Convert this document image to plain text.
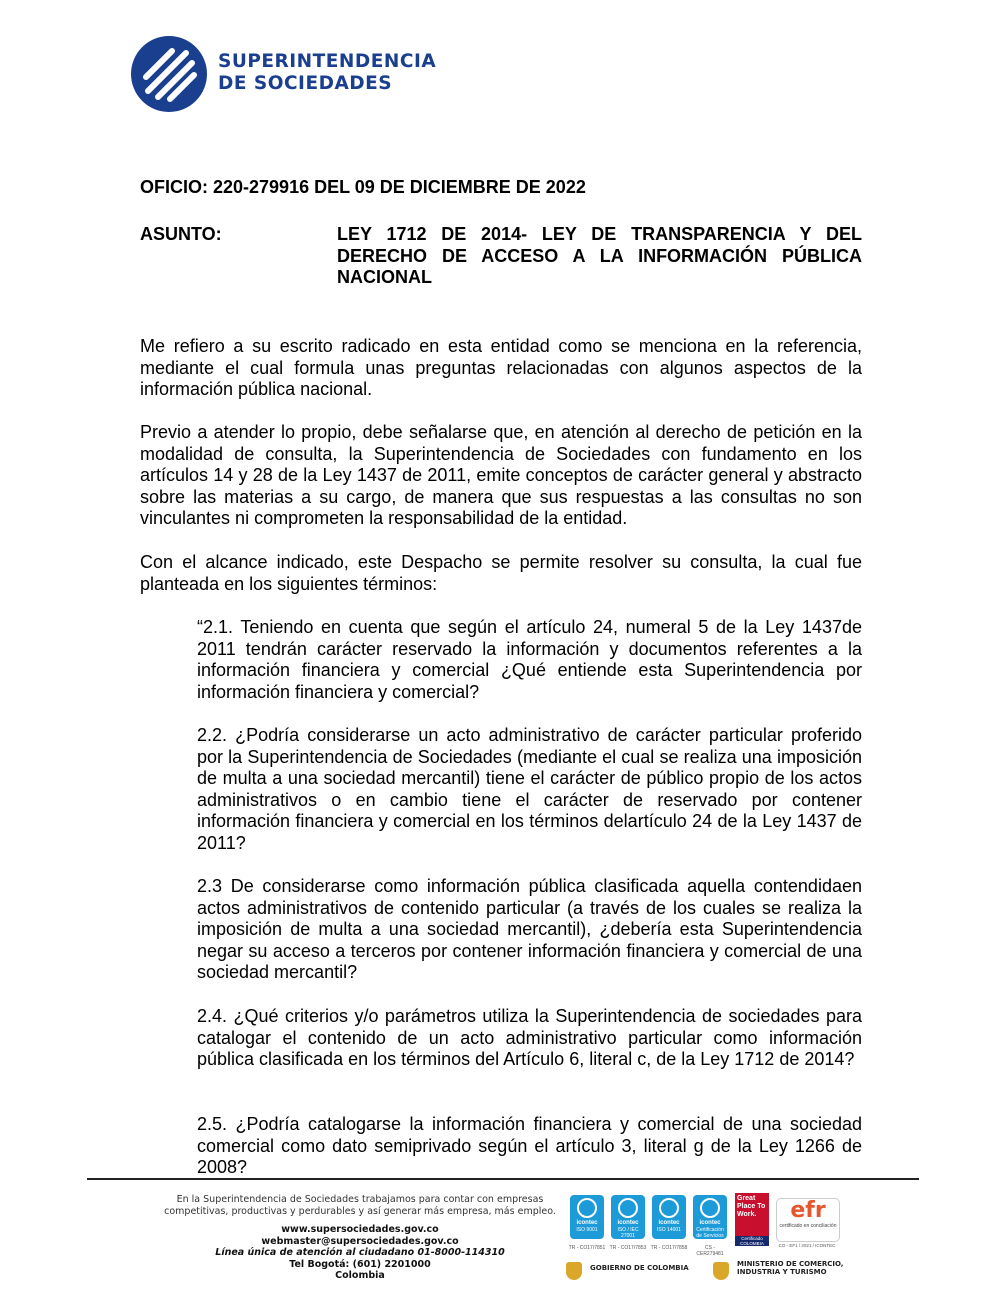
SUPERINTENDENCIA
DE SOCIEDADES
OFICIO: 220-279916 DEL 09 DE DICIEMBRE DE 2022
ASUNTO:	LEY 1712 DE 2014- LEY DE TRANSPARENCIA Y DEL DERECHO DE ACCESO A LA INFORMACIÓN PÚBLICA NACIONAL
Me refiero a su escrito radicado en esta entidad como se menciona en la referencia, mediante el cual formula unas preguntas relacionadas con algunos aspectos de la información pública nacional.
Previo a atender lo propio, debe señalarse que, en atención al derecho de petición en la modalidad de consulta, la Superintendencia de Sociedades con fundamento en los artículos 14 y 28 de la Ley 1437 de 2011, emite conceptos de carácter general y abstracto sobre las materias a su cargo, de manera que sus respuestas a las consultas no son vinculantes ni comprometen la responsabilidad de la entidad.
Con el alcance indicado, este Despacho se permite resolver su consulta, la cual fue planteada en los siguientes términos:
“2.1. Teniendo en cuenta que según el artículo 24, numeral 5 de la Ley 1437de 2011 tendrán carácter reservado la información y documentos referentes a la información financiera y comercial ¿Qué entiende esta Superintendencia por información financiera y comercial?
2.2. ¿Podría considerarse un acto administrativo de carácter particular proferido por la Superintendencia de Sociedades (mediante el cual se realiza una imposición de multa a una sociedad mercantil) tiene el carácter de público propio de los actos administrativos o en cambio tiene el carácter de reservado por contener información financiera y comercial en los términos delartículo 24 de la Ley 1437 de 2011?
2.3 De considerarse como información pública clasificada aquella contendidaen actos administrativos de contenido particular (a través de los cuales se realiza la imposición de multa a una sociedad mercantil), ¿debería esta Superintendencia negar su acceso a terceros por contener información financiera y comercial de una sociedad mercantil?
2.4. ¿Qué criterios y/o parámetros utiliza la Superintendencia de sociedades para catalogar el contenido de un acto administrativo particular como información pública clasificada en los términos del Artículo 6, literal c, de la Ley 1712 de 2014?
2.5. ¿Podría catalogarse la información financiera y comercial de una sociedad comercial como dato semiprivado según el artículo 3, literal g de la Ley 1266 de 2008?
En la Superintendencia de Sociedades trabajamos para contar con empresas
competitivas, productivas y perdurables y así generar más empresa, más empleo.
www.supersociedades.gov.co
webmaster@supersociedades.gov.co
Línea única de atención al ciudadano 01-8000-114310
Tel Bogotá: (601) 2201000
Colombia
icontec
ISO 9001
TR - CO17/7851
icontec
ISO / IEC 27001
TR - CO17/7853
icontec
ISO 14001
TR - CO17/7858
icontec
Certificación de Servicios
CS - CER279481
Great Place To Work.
Certificado COLOMBIA
efr
certificado en conciliación
CO - EF1 / 2021 / ICONTEC
GOBIERNO DE COLOMBIA	MINISTERIO DE COMERCIO,
INDUSTRIA Y TURISMO
